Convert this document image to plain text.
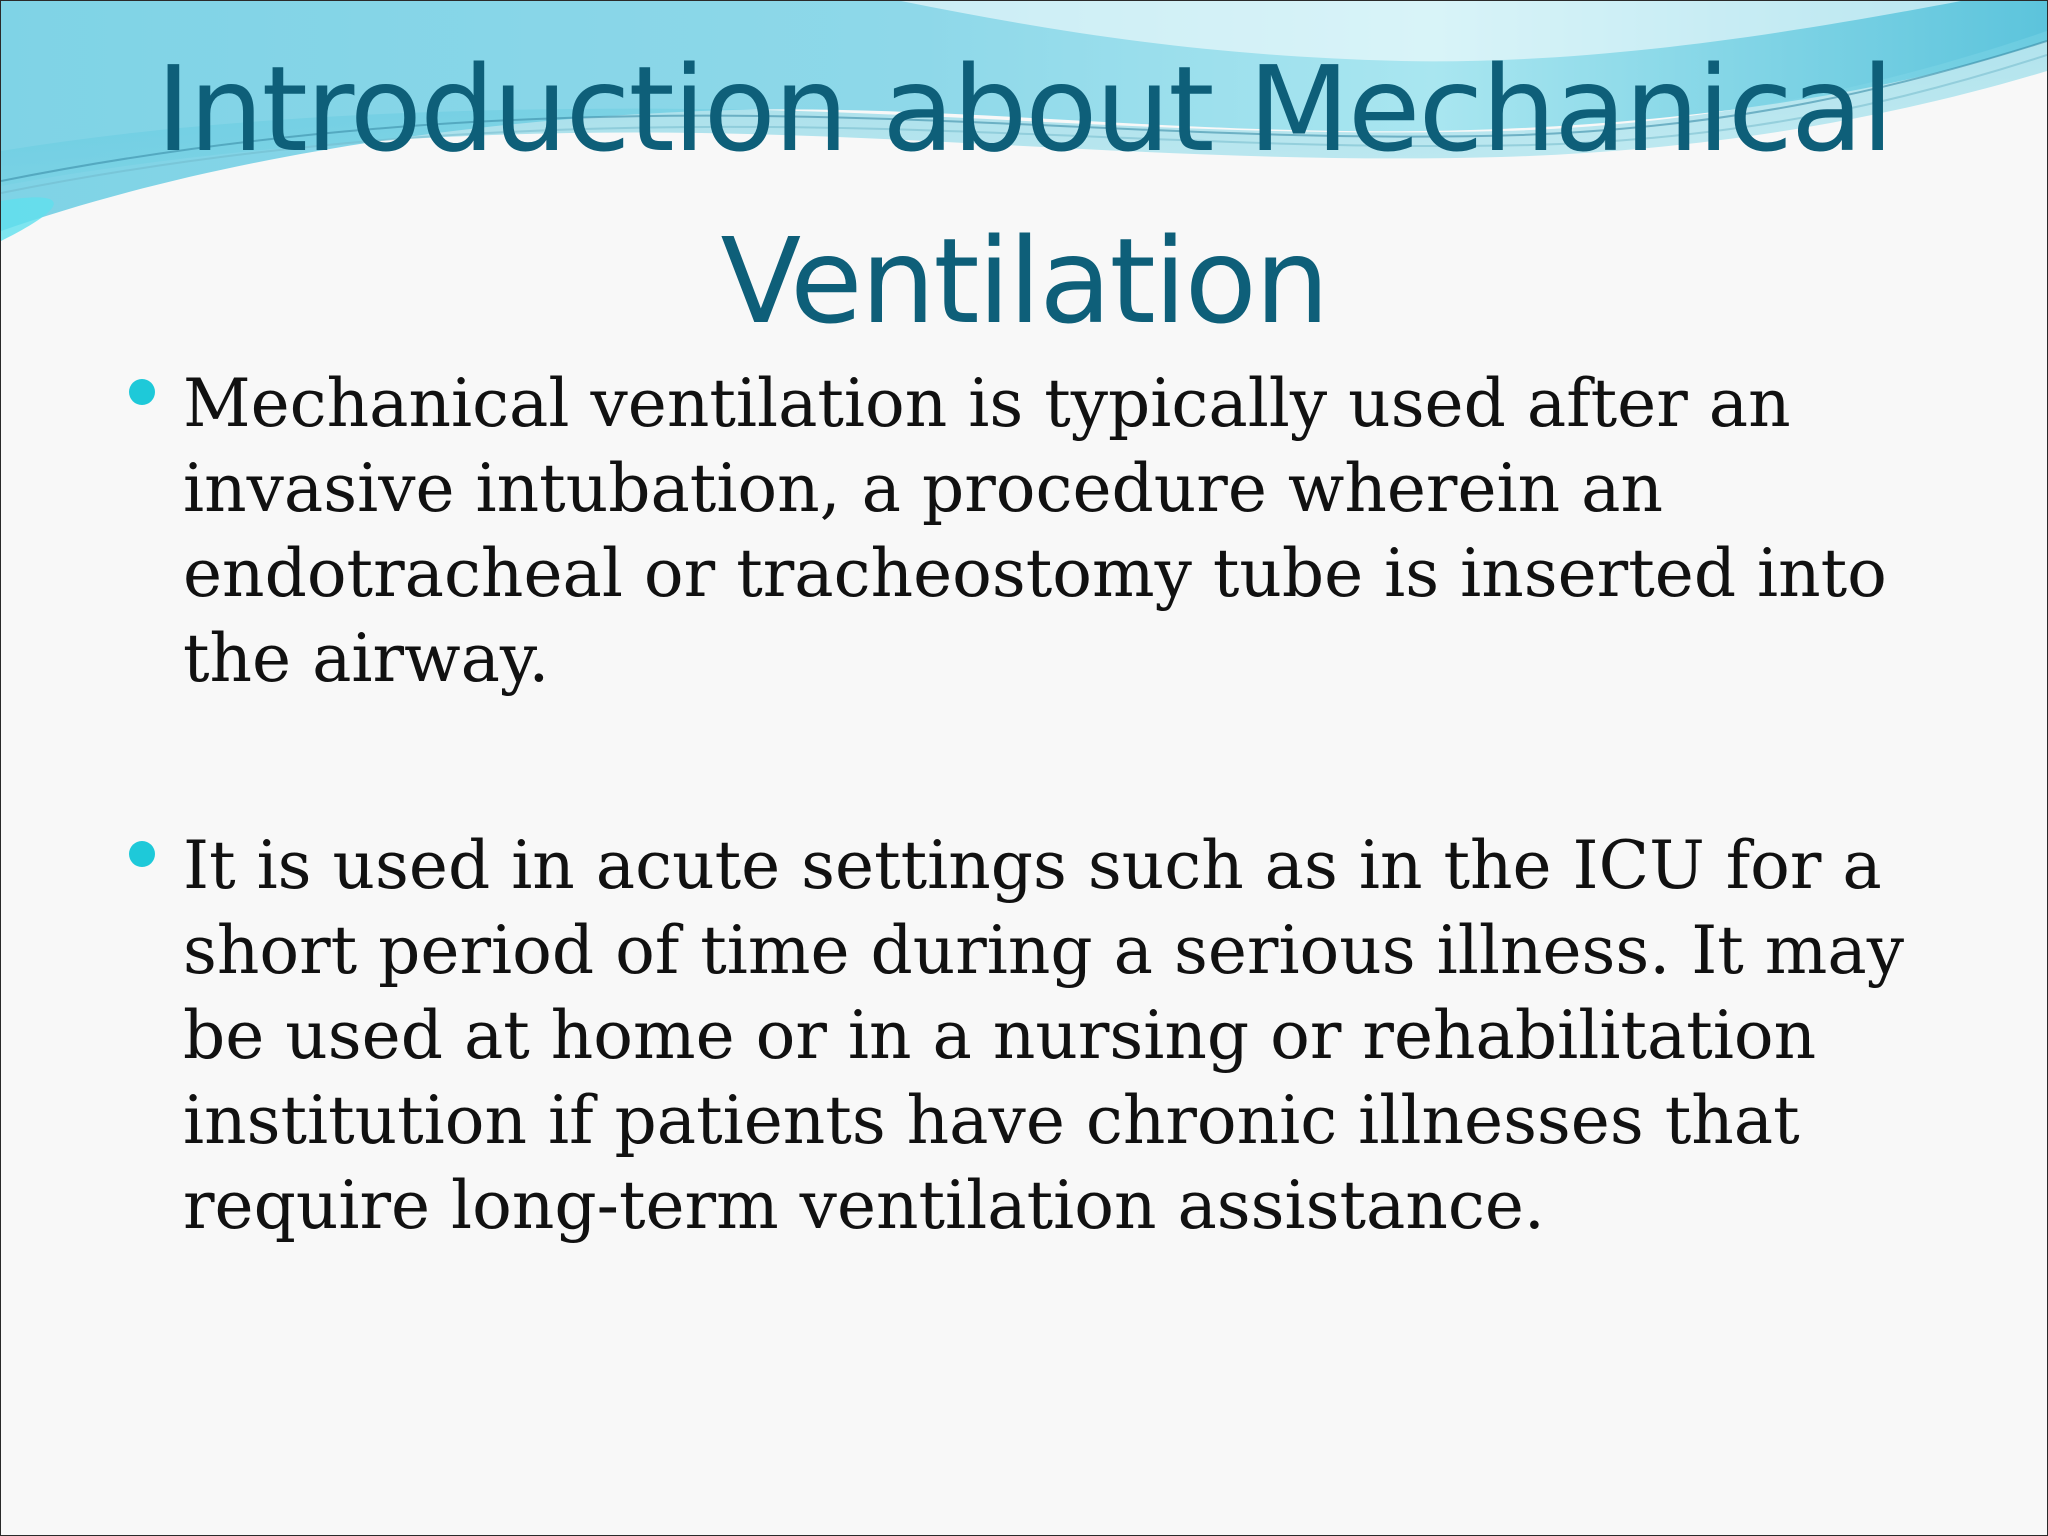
Introduction about Mechanical
Ventilation
Mechanical ventilation is typically used after an
invasive intubation, a procedure wherein an
endotracheal or tracheostomy tube is inserted into
the airway.
It is used in acute settings such as in the ICU for a
short period of time during a serious illness. It may
be used at home or in a nursing or rehabilitation
institution if patients have chronic illnesses that
require long-term ventilation assistance.
